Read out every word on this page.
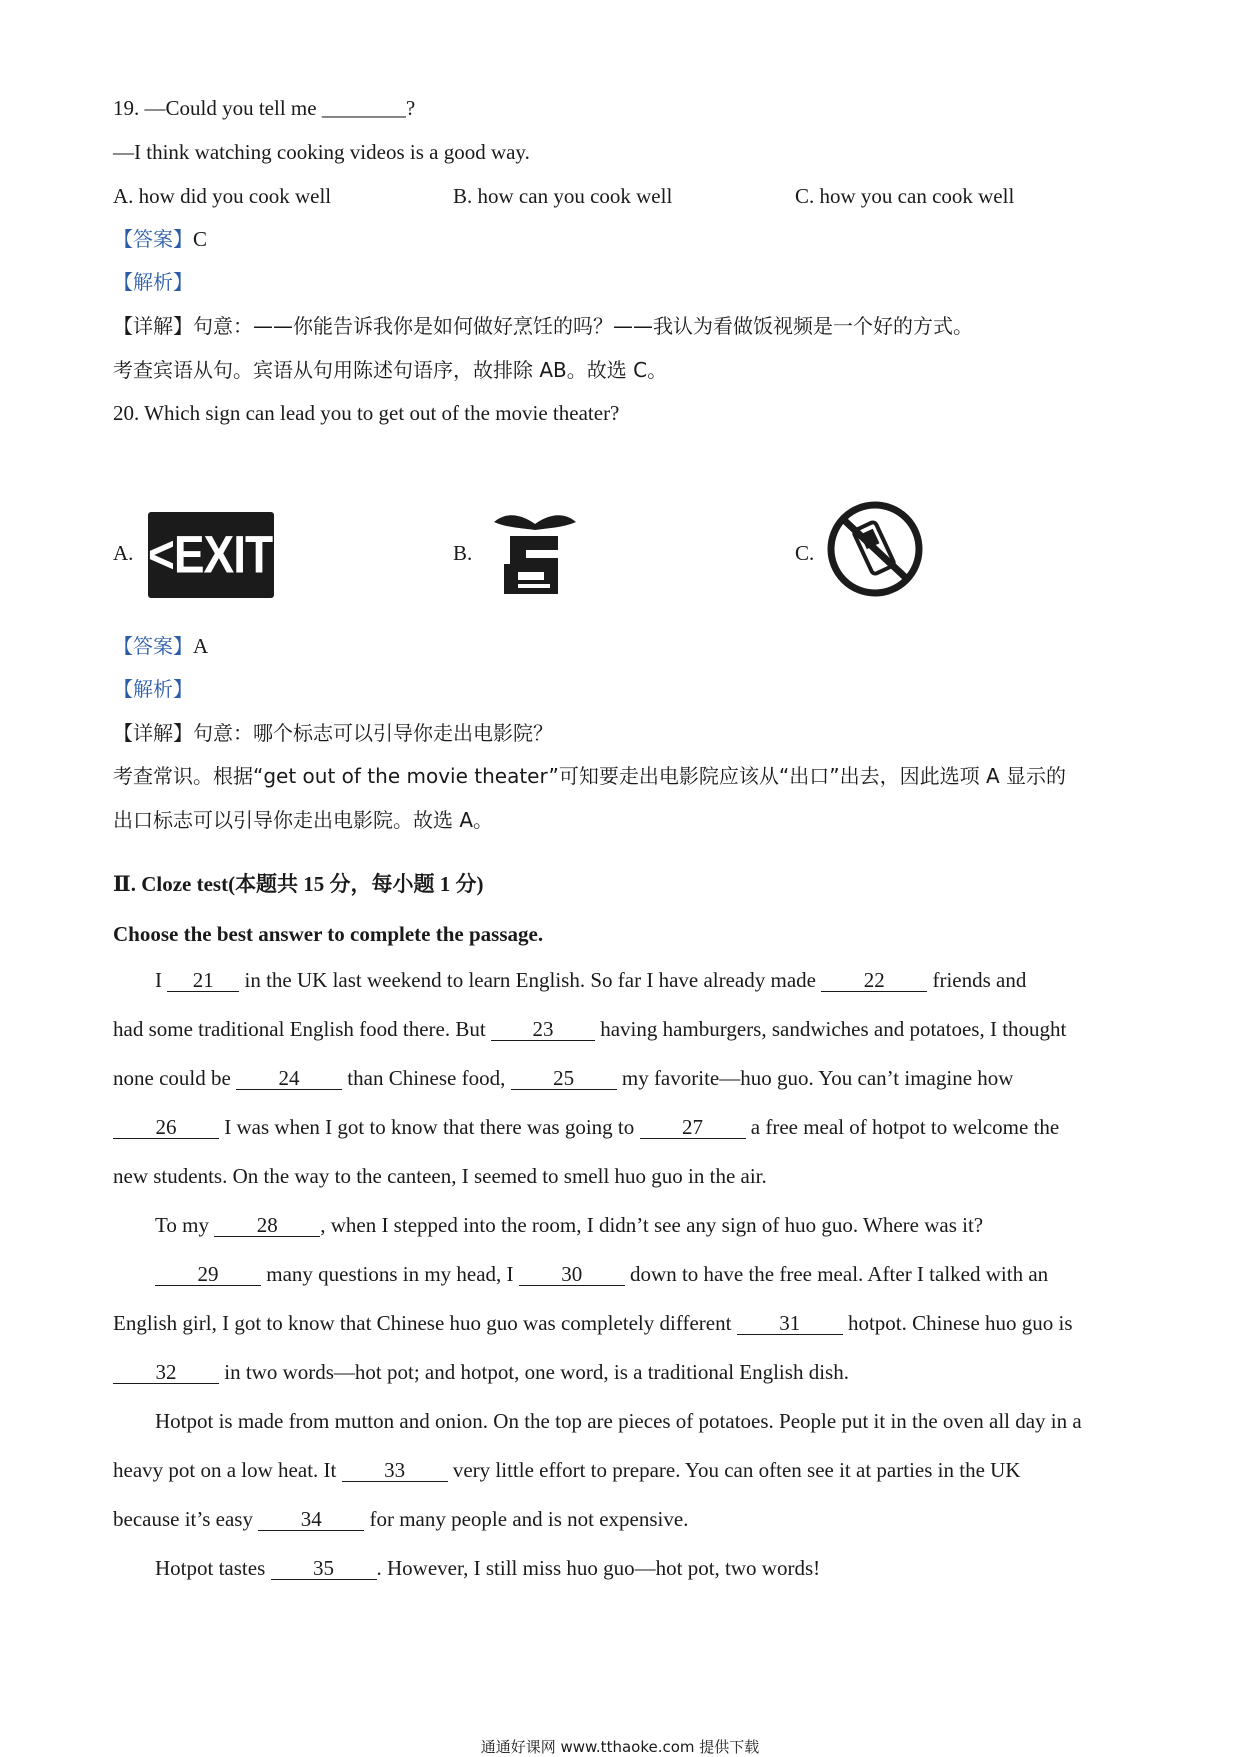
19. —Could you tell me ________?
—I think watching cooking videos is a good way.
A. how did you cook well	B. how can you cook well	C. how you can cook well
【答案】C
【解析】
【详解】句意：——你能告诉我你是如何做好烹饪的吗？——我认为看做饭视频是一个好的方式。
考查宾语从句。宾语从句用陈述句语序，故排除 AB。故选 C。
20. Which sign can lead you to get out of the movie theater?
A.	B.	C.
<EXIT>
【答案】A
【解析】
【详解】句意：哪个标志可以引导你走出电影院？
考查常识。根据“get out of the movie theater”可知要走出电影院应该从“出口”出去，因此选项 A 显示的
出口标志可以引导你走出电影院。故选 A。
Ⅱ. Cloze test(本题共 15 分，每小题 1 分)
Choose the best answer to complete the passage.
I 21 in the UK last weekend to learn English. So far I have already made 22 friends and
had some traditional English food there. But 23 having hamburgers, sandwiches and potatoes, I thought
none could be 24 than Chinese food, 25 my favorite—huo guo. You can’t imagine how
26 I was when I got to know that there was going to 27 a free meal of hotpot to welcome the
new students. On the way to the canteen, I seemed to smell huo guo in the air.
To my 28 , when I stepped into the room, I didn’t see any sign of huo guo. Where was it?
29 many questions in my head, I 30 down to have the free meal. After I talked with an
English girl, I got to know that Chinese huo guo was completely different 31 hotpot. Chinese huo guo is
32 in two words—hot pot; and hotpot, one word, is a traditional English dish.
Hotpot is made from mutton and onion. On the top are pieces of potatoes. People put it in the oven all day in a
heavy pot on a low heat. It 33 very little effort to prepare. You can often see it at parties in the UK
because it’s easy 34 for many people and is not expensive.
Hotpot tastes 35 . However, I still miss huo guo—hot pot, two words!
通通好课网 www.tthaoke.com 提供下载
